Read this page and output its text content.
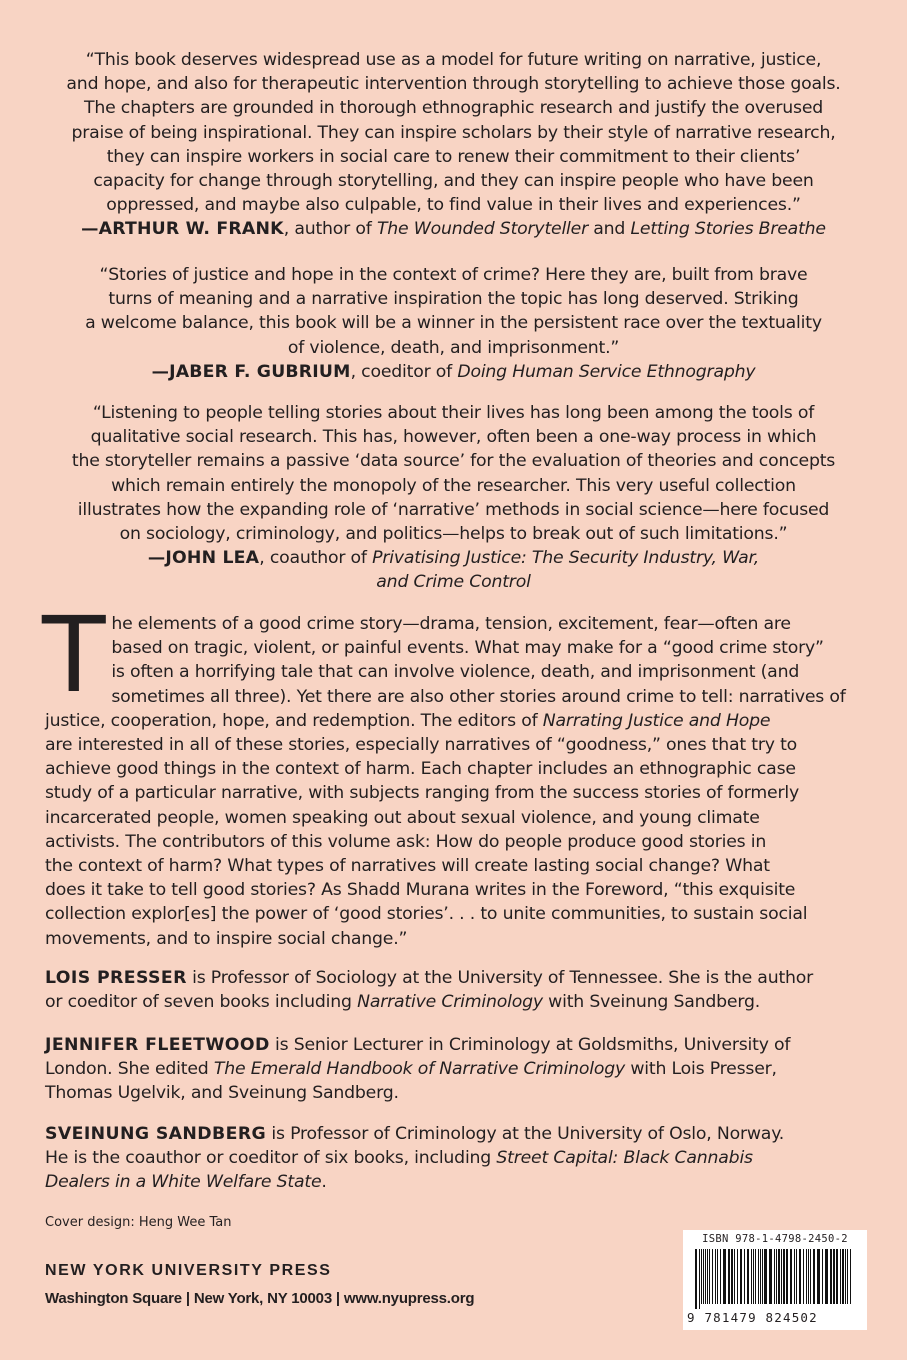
“This book deserves widespread use as a model for future writing on narrative, justice,

and hope, and also for therapeutic intervention through storytelling to achieve those goals.

The chapters are grounded in thorough ethnographic research and justify the overused

praise of being inspirational. They can inspire scholars by their style of narrative research,

they can inspire workers in social care to renew their commitment to their clients’

capacity for change through storytelling, and they can inspire people who have been

oppressed, and maybe also culpable, to find value in their lives and experiences.”

—ARTHUR W. FRANK, author of The Wounded Storyteller and Letting Stories Breathe

“Stories of justice and hope in the context of crime? Here they are, built from brave

turns of meaning and a narrative inspiration the topic has long deserved. Striking

a welcome balance, this book will be a winner in the persistent race over the textuality

of violence, death, and imprisonment.”

—JABER F. GUBRIUM, coeditor of Doing Human Service Ethnography

“Listening to people telling stories about their lives has long been among the tools of

qualitative social research. This has, however, often been a one-way process in which

the storyteller remains a passive ‘data source’ for the evaluation of theories and concepts

which remain entirely the monopoly of the researcher. This very useful collection

illustrates how the expanding role of ‘narrative’ methods in social science—here focused

on sociology, criminology, and politics—helps to break out of such limitations.”

—JOHN LEA, coauthor of Privatising Justice: The Security Industry, War,

and Crime Control

T he elements of a good crime story—drama, tension, excitement, fear—often are
based on tragic, violent, or painful events. What may make for a “good crime story”
is often a horrifying tale that can involve violence, death, and imprisonment (and
sometimes all three). Yet there are also other stories around crime to tell: narratives of
justice, cooperation, hope, and redemption. The editors of Narrating Justice and Hope
are interested in all of these stories, especially narratives of “goodness,” ones that try to
achieve good things in the context of harm. Each chapter includes an ethnographic case
study of a particular narrative, with subjects ranging from the success stories of formerly
incarcerated people, women speaking out about sexual violence, and young climate
activists. The contributors of this volume ask: How do people produce good stories in
the context of harm? What types of narratives will create lasting social change? What
does it take to tell good stories? As Shadd Murana writes in the Foreword, “this exquisite
collection explor[es] the power of ‘good stories’. . . to unite communities, to sustain social
movements, and to inspire social change.”
LOIS PRESSER is Professor of Sociology at the University of Tennessee. She is the author
or coeditor of seven books including Narrative Criminology with Sveinung Sandberg.
JENNIFER FLEETWOOD is Senior Lecturer in Criminology at Goldsmiths, University of
London. She edited The Emerald Handbook of Narrative Criminology with Lois Presser,
Thomas Ugelvik, and Sveinung Sandberg.
SVEINUNG SANDBERG is Professor of Criminology at the University of Oslo, Norway.
He is the coauthor or coeditor of six books, including Street Capital: Black Cannabis
Dealers in a White Welfare State.
Cover design: Heng Wee Tan
NEW YORK UNIVERSITY PRESS
Washington Square | New York, NY 10003 | www.nyupress.org
ISBN 978-1-4798-2450-2
9 781479 824502
